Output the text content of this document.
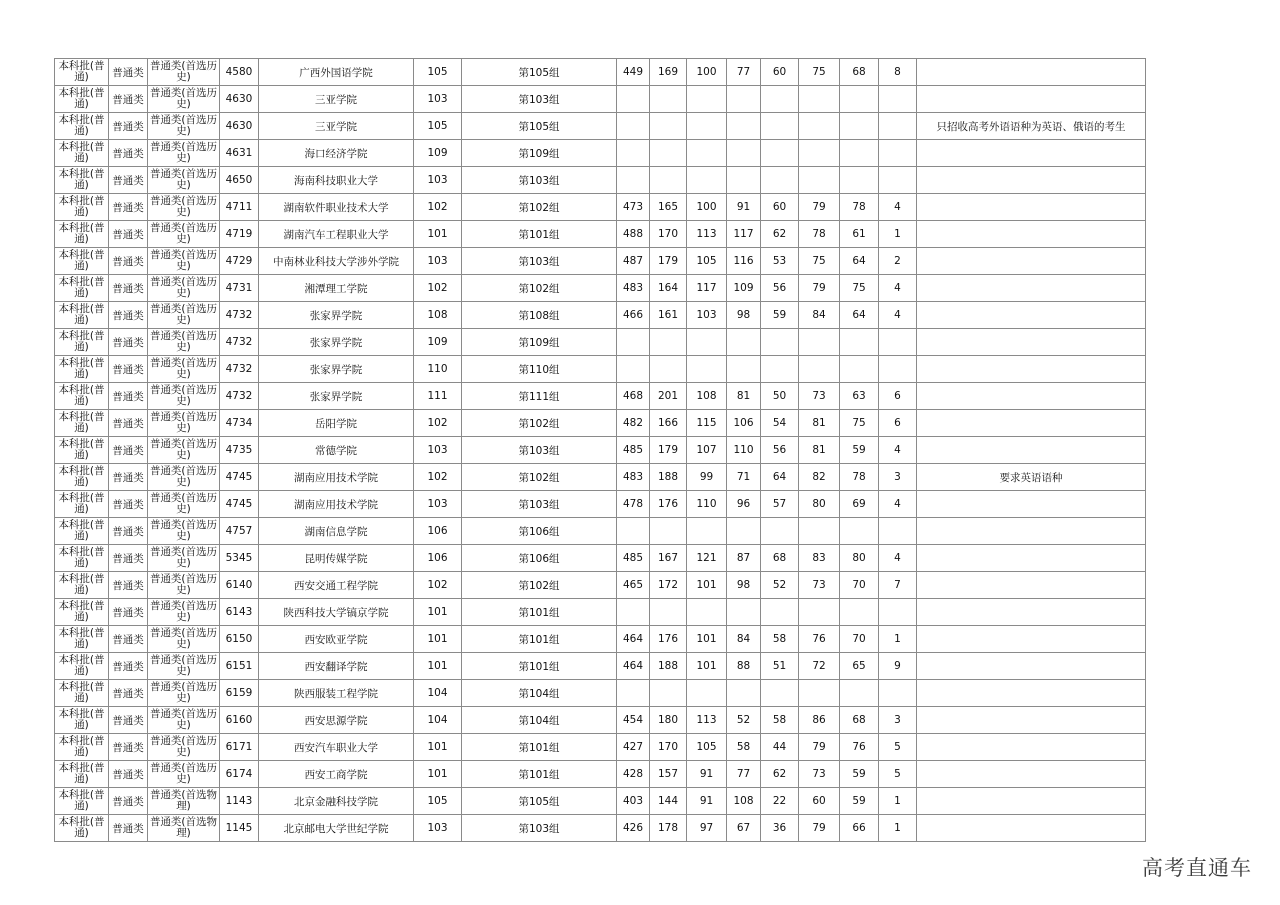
本科批(普通)	普通类	普通类(首选历史)	4580	广西外国语学院	105	第105组	449	169	100	77	60	75	68	8	
本科批(普通)	普通类	普通类(首选历史)	4630	三亚学院	103	第103组									
本科批(普通)	普通类	普通类(首选历史)	4630	三亚学院	105	第105组									只招收高考外语语种为英语、俄语的考生
本科批(普通)	普通类	普通类(首选历史)	4631	海口经济学院	109	第109组									
本科批(普通)	普通类	普通类(首选历史)	4650	海南科技职业大学	103	第103组									
本科批(普通)	普通类	普通类(首选历史)	4711	湖南软件职业技术大学	102	第102组	473	165	100	91	60	79	78	4	
本科批(普通)	普通类	普通类(首选历史)	4719	湖南汽车工程职业大学	101	第101组	488	170	113	117	62	78	61	1	
本科批(普通)	普通类	普通类(首选历史)	4729	中南林业科技大学涉外学院	103	第103组	487	179	105	116	53	75	64	2	
本科批(普通)	普通类	普通类(首选历史)	4731	湘潭理工学院	102	第102组	483	164	117	109	56	79	75	4	
本科批(普通)	普通类	普通类(首选历史)	4732	张家界学院	108	第108组	466	161	103	98	59	84	64	4	
本科批(普通)	普通类	普通类(首选历史)	4732	张家界学院	109	第109组									
本科批(普通)	普通类	普通类(首选历史)	4732	张家界学院	110	第110组									
本科批(普通)	普通类	普通类(首选历史)	4732	张家界学院	111	第111组	468	201	108	81	50	73	63	6	
本科批(普通)	普通类	普通类(首选历史)	4734	岳阳学院	102	第102组	482	166	115	106	54	81	75	6	
本科批(普通)	普通类	普通类(首选历史)	4735	常德学院	103	第103组	485	179	107	110	56	81	59	4	
本科批(普通)	普通类	普通类(首选历史)	4745	湖南应用技术学院	102	第102组	483	188	99	71	64	82	78	3	要求英语语种
本科批(普通)	普通类	普通类(首选历史)	4745	湖南应用技术学院	103	第103组	478	176	110	96	57	80	69	4	
本科批(普通)	普通类	普通类(首选历史)	4757	湖南信息学院	106	第106组									
本科批(普通)	普通类	普通类(首选历史)	5345	昆明传媒学院	106	第106组	485	167	121	87	68	83	80	4	
本科批(普通)	普通类	普通类(首选历史)	6140	西安交通工程学院	102	第102组	465	172	101	98	52	73	70	7	
本科批(普通)	普通类	普通类(首选历史)	6143	陕西科技大学镐京学院	101	第101组									
本科批(普通)	普通类	普通类(首选历史)	6150	西安欧亚学院	101	第101组	464	176	101	84	58	76	70	1	
本科批(普通)	普通类	普通类(首选历史)	6151	西安翻译学院	101	第101组	464	188	101	88	51	72	65	9	
本科批(普通)	普通类	普通类(首选历史)	6159	陕西服装工程学院	104	第104组									
本科批(普通)	普通类	普通类(首选历史)	6160	西安思源学院	104	第104组	454	180	113	52	58	86	68	3	
本科批(普通)	普通类	普通类(首选历史)	6171	西安汽车职业大学	101	第101组	427	170	105	58	44	79	76	5	
本科批(普通)	普通类	普通类(首选历史)	6174	西安工商学院	101	第101组	428	157	91	77	62	73	59	5	
本科批(普通)	普通类	普通类(首选物理)	1143	北京金融科技学院	105	第105组	403	144	91	108	22	60	59	1	
本科批(普通)	普通类	普通类(首选物理)	1145	北京邮电大学世纪学院	103	第103组	426	178	97	67	36	79	66	1	
高考直通车
